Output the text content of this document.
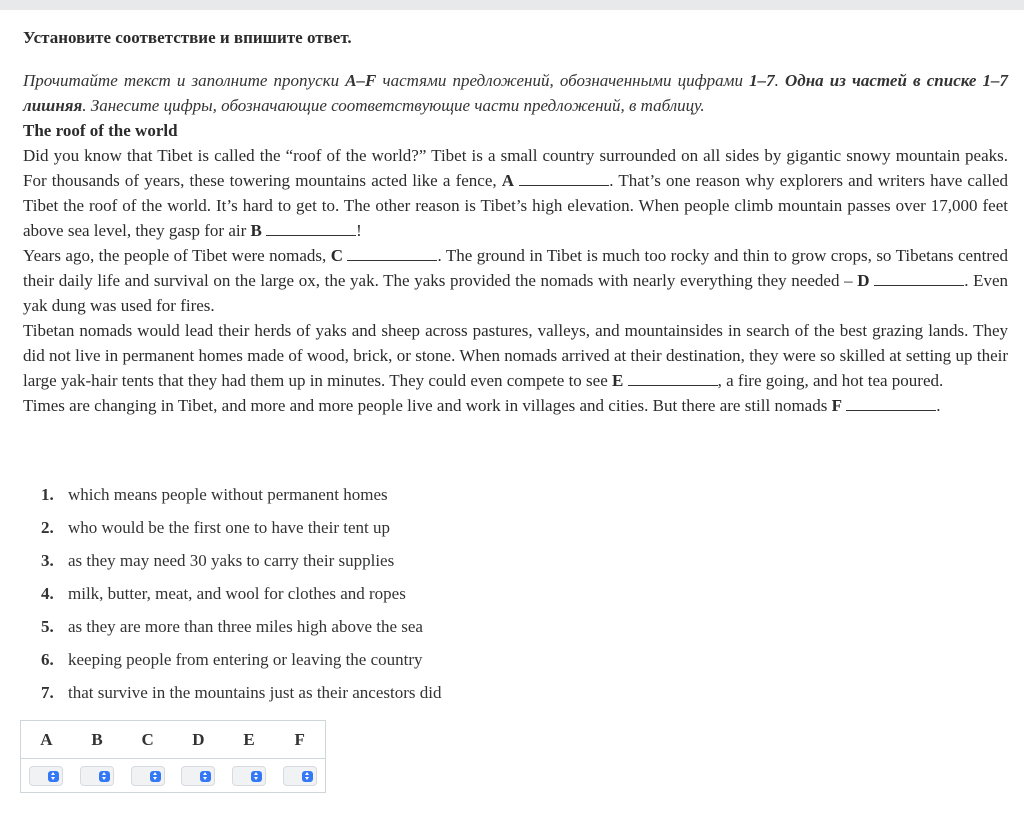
Установите соответствие и впишите ответ.
Прочитайте текст и заполните пропуски A–F частями предложений, обозначенными цифрами 1–7. Одна из частей в списке 1–7 лишняя. Занесите цифры, обозначающие соответствующие части предложений, в таблицу.
The roof of the world

Did you know that Tibet is called the “roof of the world?” Tibet is a small country surrounded on all sides by gigantic snowy mountain peaks. For thousands of years, these towering mountains acted like a fence, A	. That’s one reason why explorers and writers have called Tibet the roof of the world. It’s hard to get to. The other reason is Tibet’s high elevation. When people climb mountain passes over 17,000 feet above sea level, they gasp for air B	!

Years ago, the people of Tibet were nomads, C	. The ground in Tibet is much too rocky and thin to grow crops, so Tibetans centred their daily life and survival on the large ox, the yak. The yaks provided the nomads with nearly everything they needed – D	. Even yak dung was used for fires.

Tibetan nomads would lead their herds of yaks and sheep across pastures, valleys, and mountainsides in search of the best grazing lands. They did not live in permanent homes made of wood, brick, or stone. When nomads arrived at their destination, they were so skilled at setting up their large yak-hair tents that they had them up in minutes. They could even compete to see E	, a fire going, and hot tea poured.

Times are changing in Tibet, and more and more people live and work in villages and cities. But there are still nomads F	.

1. which means people without permanent homes
2. who would be the first one to have their tent up
3. as they may need 30 yaks to carry their supplies
4. milk, butter, meat, and wool for clothes and ropes
5. as they are more than three miles high above the sea
6. keeping people from entering or leaving the country
7. that survive in the mountains just as their ancestors did
A	B	C	D	E	F
